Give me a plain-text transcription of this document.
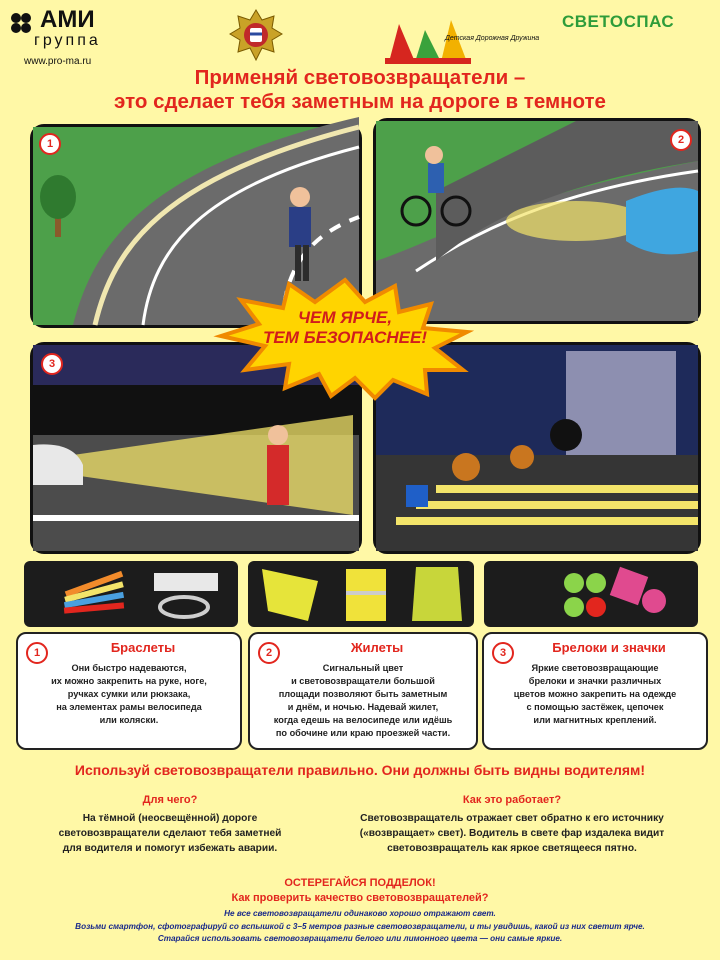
АМИ
группа
www.pro-ma.ru
Детская Дорожная Дружина
СВЕТОСПАС
Применяй световозвращатели –
это сделает тебя заметным на дороге в темноте
1	2
3
ЧЕМ ЯРЧЕ,
ТЕМ БЕЗОПАСНЕЕ!
1	Браслеты
Они быстро надеваются,
их можно закрепить на руке, ноге,
ручках сумки или рюкзака,
на элементах рамы велосипеда
или коляски.
2	Жилеты
Сигнальный цвет
и световозвращатели большой
площади позволяют быть заметным
и днём, и ночью. Надевай жилет,
когда едешь на велосипеде или идёшь
по обочине или краю проезжей части.
3	Брелоки и значки
Яркие световозвращающие
брелоки и значки различных
цветов можно закрепить на одежде
с помощью застёжек, цепочек
или магнитных креплений.
Используй световозвращатели правильно. Они должны быть видны водителям!
Для чего?
На тёмной (неосвещённой) дороге
световозвращатели сделают тебя заметней
для водителя и помогут избежать аварии.
Как это работает?
Световозвращатель отражает свет обратно к его источнику
(«возвращает» свет). Водитель в свете фар издалека видит
световозвращатель как яркое светящееся пятно.
ОСТЕРЕГАЙСЯ ПОДДЕЛОК!
Как проверить качество световозвращателей?
Не все световозвращатели одинаково хорошо отражают свет.
Возьми смартфон, сфотографируй со вспышкой с 3–5 метров разные световозвращатели, и ты увидишь, какой из них светит ярче.
Старайся использовать световозвращатели белого или лимонного цвета — они самые яркие.
